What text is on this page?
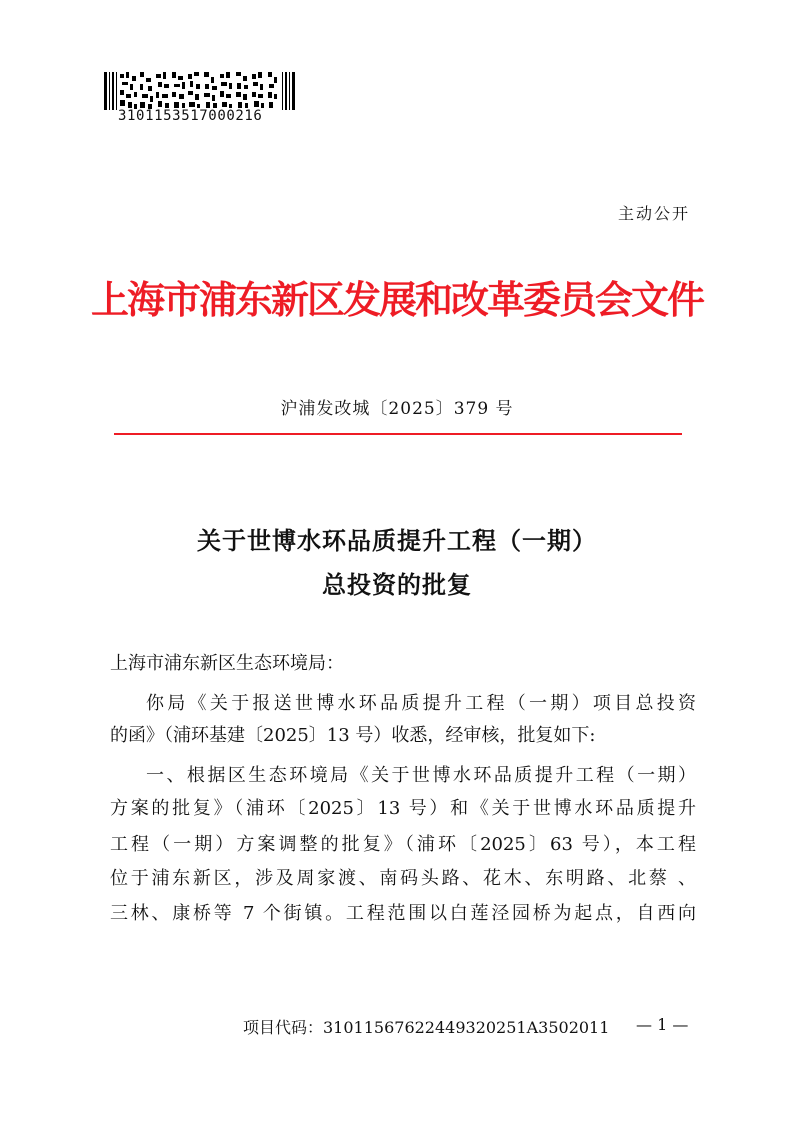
3101153517000216
主动公开
上海市浦东新区发展和改革委员会文件
沪浦发改城〔2025〕379 号
关于世博水环品质提升工程（一期）
总投资的批复
上海市浦东新区生态环境局：
你局《关于报送世博水环品质提升工程（一期）项目总投资
的函》（浦环基建〔2025〕13 号）收悉，经审核，批复如下:
一、根据区生态环境局《关于世博水环品质提升工程（一期）
方案的批复》（浦环〔2025〕13 号）和《关于世博水环品质提升
工程（一期）方案调整的批复》（浦环〔2025〕63 号），本工程
位于浦东新区，涉及周家渡、南码头路、花木、东明路、北蔡 、
三林、康桥等 7 个街镇。工程范围以白莲泾园桥为起点，自西向
项目代码：3101156762244932025​1A3502011 — 1 —
